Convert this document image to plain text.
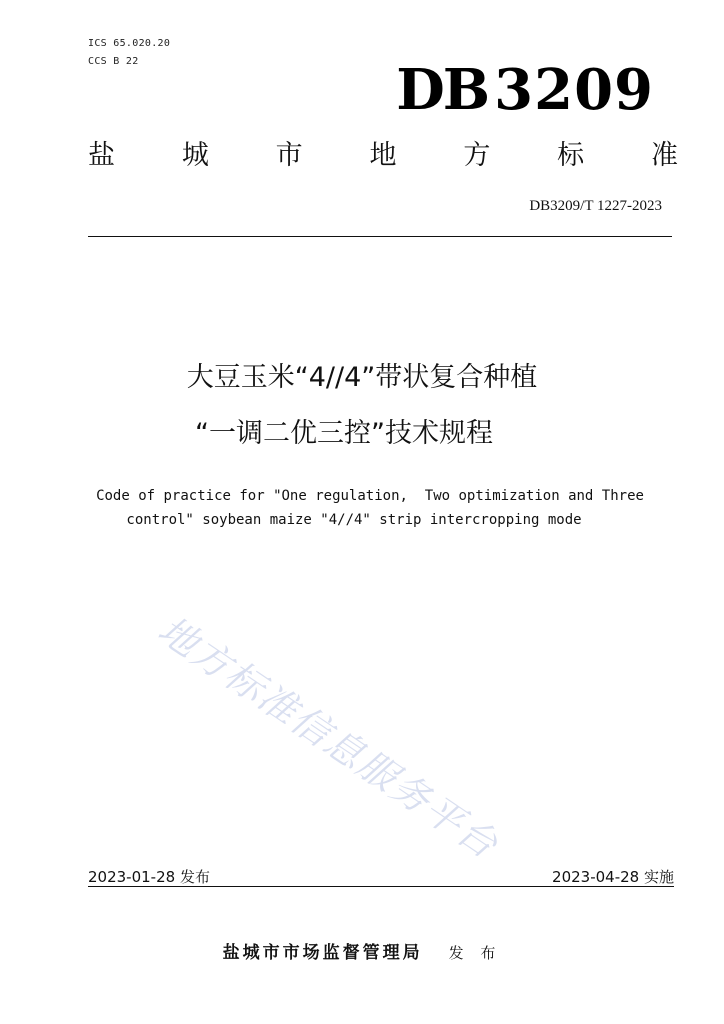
ICS 65.020.20
CCS B 22	DB 3209
盐 城 市 地 方 标 准
DB3209/T 1227-2023
大豆玉米“4//4”带状复合种植
“一调二优三控”技术规程
Code of practice for "One regulation,  Two optimization and Three
control" soybean maize "4//4" strip intercropping mode
地方标准信息服务平台
2023-01-28 发布	2023-04-28 实施
盐城市市场监督管理局 发 布
